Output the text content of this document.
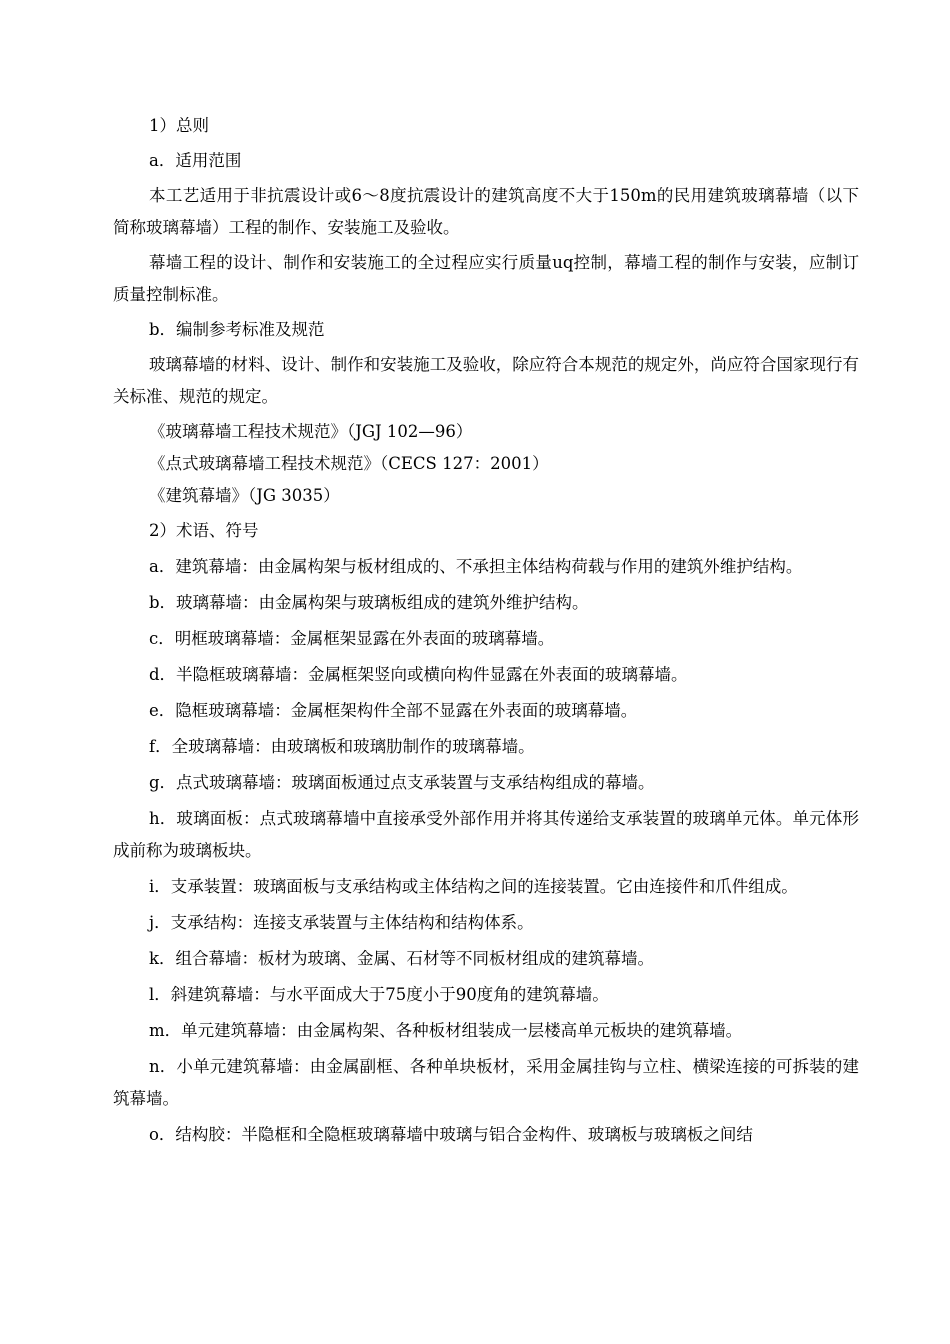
1）总则

a．适用范围

本工艺适用于非抗震设计或6～8度抗震设计的建筑高度不大于150m的民用建筑玻璃幕墙（以下简称玻璃幕墙）工程的制作、安装施工及验收。

幕墙工程的设计、制作和安装施工的全过程应实行质量uq控制，幕墙工程的制作与安装，应制订质量控制标准。

b．编制参考标准及规范

玻璃幕墙的材料、设计、制作和安装施工及验收，除应符合本规范的规定外，尚应符合国家现行有关标准、规范的规定。

《玻璃幕墙工程技术规范》（JGJ 102—96）

《点式玻璃幕墙工程技术规范》（CECS 127：2001）

《建筑幕墙》（JG 3035）

2）术语、符号

a．建筑幕墙：由金属构架与板材组成的、不承担主体结构荷载与作用的建筑外维护结构。

b．玻璃幕墙：由金属构架与玻璃板组成的建筑外维护结构。

c．明框玻璃幕墙：金属框架显露在外表面的玻璃幕墙。

d．半隐框玻璃幕墙：金属框架竖向或横向构件显露在外表面的玻璃幕墙。

e．隐框玻璃幕墙：金属框架构件全部不显露在外表面的玻璃幕墙。

f．全玻璃幕墙：由玻璃板和玻璃肋制作的玻璃幕墙。

g．点式玻璃幕墙：玻璃面板通过点支承装置与支承结构组成的幕墙。

h．玻璃面板：点式玻璃幕墙中直接承受外部作用并将其传递给支承装置的玻璃单元体。单元体形成前称为玻璃板块。

i．支承装置：玻璃面板与支承结构或主体结构之间的连接装置。它由连接件和爪件组成。

j．支承结构：连接支承装置与主体结构和结构体系。

k．组合幕墙：板材为玻璃、金属、石材等不同板材组成的建筑幕墙。

l．斜建筑幕墙：与水平面成大于75度小于90度角的建筑幕墙。

m．单元建筑幕墙：由金属构架、各种板材组装成一层楼高单元板块的建筑幕墙。

n．小单元建筑幕墙：由金属副框、各种单块板材，采用金属挂钩与立柱、横梁连接的可拆装的建筑幕墙。

o．结构胶：半隐框和全隐框玻璃幕墙中玻璃与铝合金构件、玻璃板与玻璃板之间结
